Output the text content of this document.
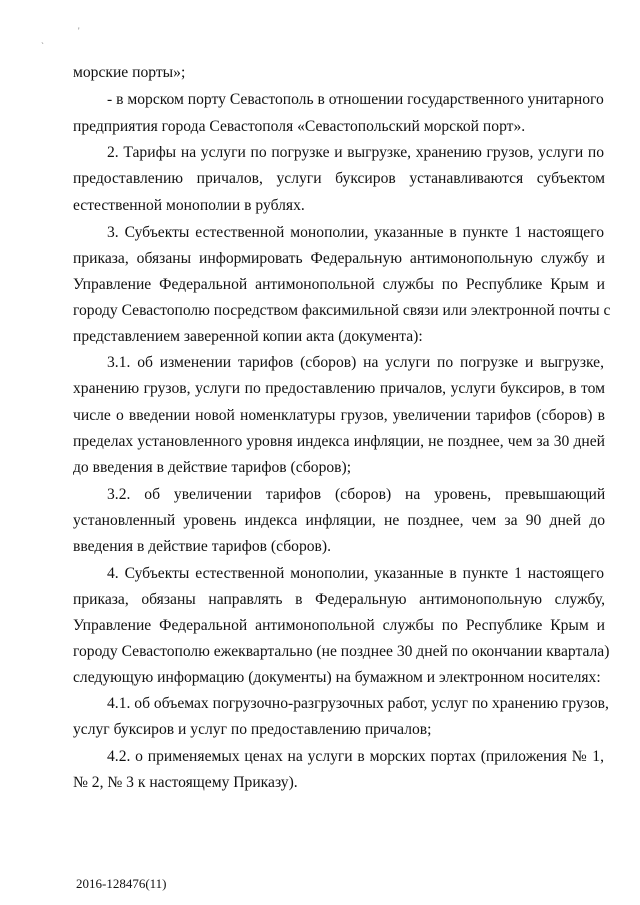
'
ˎ
морские порты»;
- в морском порту Севастополь в отношении государственного унитарного
предприятия города Севастополя «Севастопольский морской порт».
2. Тарифы на услуги по погрузке и выгрузке, хранению грузов, услуги по
предоставлению причалов, услуги буксиров устанавливаются субъектом
естественной монополии в рублях.
3. Субъекты естественной монополии, указанные в пункте 1 настоящего
приказа, обязаны информировать Федеральную антимонопольную службу и
Управление Федеральной антимонопольной службы по Республике Крым и
городу Севастополю посредством факсимильной связи или электронной почты с
представлением заверенной копии акта (документа):
3.1. об изменении тарифов (сборов) на услуги по погрузке и выгрузке,
хранению грузов, услуги по предоставлению причалов, услуги буксиров, в том
числе о введении новой номенклатуры грузов, увеличении тарифов (сборов) в
пределах установленного уровня индекса инфляции, не позднее, чем за 30 дней
до введения в действие тарифов (сборов);
3.2. об увеличении тарифов (сборов) на уровень, превышающий
установленный уровень индекса инфляции, не позднее, чем за 90 дней до
введения в действие тарифов (сборов).
4. Субъекты естественной монополии, указанные в пункте 1 настоящего
приказа, обязаны направлять в Федеральную антимонопольную службу,
Управление Федеральной антимонопольной службы по Республике Крым и
городу Севастополю ежеквартально (не позднее 30 дней по окончании квартала)
следующую информацию (документы) на бумажном и электронном носителях:
4.1. об объемах погрузочно-разгрузочных работ, услуг по хранению грузов,
услуг буксиров и услуг по предоставлению причалов;
4.2. о применяемых ценах на услуги в морских портах (приложения № 1,
№ 2, № 3 к настоящему Приказу).
2016-128476(11)
